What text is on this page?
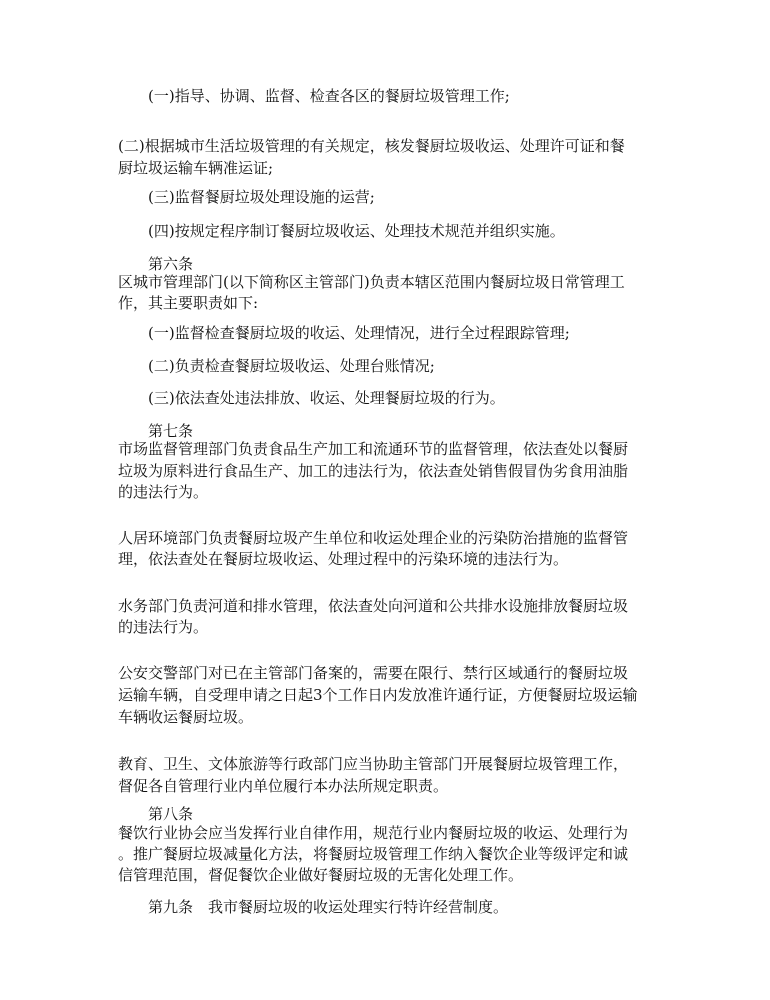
(一)指导、协调、监督、检查各区的餐厨垃圾管理工作;
(二)根据城市生活垃圾管理的有关规定，核发餐厨垃圾收运、处理许可证和餐
厨垃圾运输车辆准运证;
(三)监督餐厨垃圾处理设施的运营;
(四)按规定程序制订餐厨垃圾收运、处理技术规范并组织实施。
第六条
区城市管理部门(以下简称区主管部门)负责本辖区范围内餐厨垃圾日常管理工
作，其主要职责如下:
(一)监督检查餐厨垃圾的收运、处理情况，进行全过程跟踪管理;
(二)负责检查餐厨垃圾收运、处理台账情况;
(三)依法查处违法排放、收运、处理餐厨垃圾的行为。
第七条
市场监督管理部门负责食品生产加工和流通环节的监督管理，依法查处以餐厨
垃圾为原料进行食品生产、加工的违法行为，依法查处销售假冒伪劣食用油脂
的违法行为。
人居环境部门负责餐厨垃圾产生单位和收运处理企业的污染防治措施的监督管
理，依法查处在餐厨垃圾收运、处理过程中的污染环境的违法行为。
水务部门负责河道和排水管理，依法查处向河道和公共排水设施排放餐厨垃圾
的违法行为。
公安交警部门对已在主管部门备案的，需要在限行、禁行区域通行的餐厨垃圾
运输车辆，自受理申请之日起3个工作日内发放准许通行证，方便餐厨垃圾运输
车辆收运餐厨垃圾。
教育、卫生、文体旅游等行政部门应当协助主管部门开展餐厨垃圾管理工作，
督促各自管理行业内单位履行本办法所规定职责。
第八条
餐饮行业协会应当发挥行业自律作用，规范行业内餐厨垃圾的收运、处理行为
。推广餐厨垃圾减量化方法，将餐厨垃圾管理工作纳入餐饮企业等级评定和诚
信管理范围，督促餐饮企业做好餐厨垃圾的无害化处理工作。
第九条　我市餐厨垃圾的收运处理实行特许经营制度。
